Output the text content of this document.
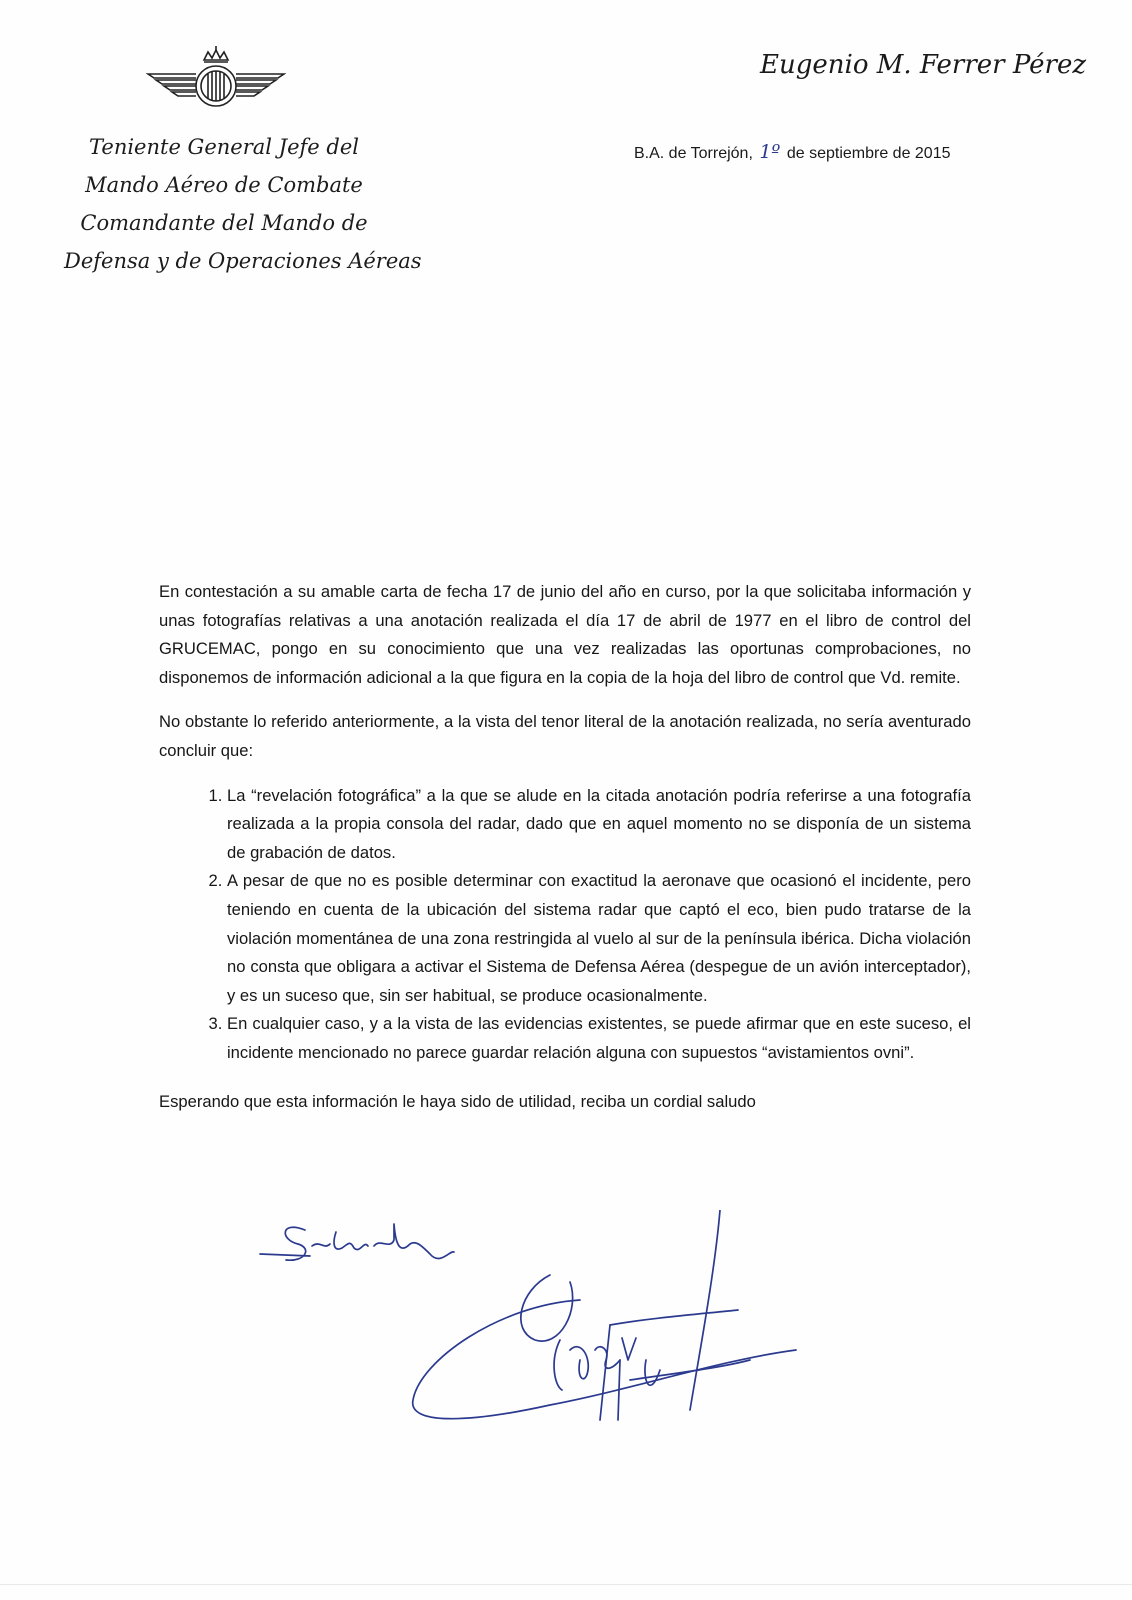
Teniente General Jefe del
Mando Aéreo de Combate
Comandante del Mando de
Defensa y de Operaciones Aéreas
Eugenio M. Ferrer Pérez
B.A. de Torrejón, 1º de septiembre de 2015

En contestación a su amable carta de fecha 17 de junio del año en curso, por la que solicitaba información y unas fotografías relativas a una anotación realizada el día 17 de abril de 1977 en el libro de control del GRUCEMAC, pongo en su conocimiento que una vez realizadas las oportunas comprobaciones, no disponemos de información adicional a la que figura en la copia de la hoja del libro de control que Vd. remite.

No obstante lo referido anteriormente, a la vista del tenor literal de la anotación realizada, no sería aventurado concluir que:

1. La “revelación fotográfica” a la que se alude en la citada anotación podría referirse a una fotografía realizada a la propia consola del radar, dado que en aquel momento no se disponía de un sistema de grabación de datos.
2. A pesar de que no es posible determinar con exactitud la aeronave que ocasionó el incidente, pero teniendo en cuenta de la ubicación del sistema radar que captó el eco, bien pudo tratarse de la violación momentánea de una zona restringida al vuelo al sur de la península ibérica. Dicha violación no consta que obligara a activar el Sistema de Defensa Aérea (despegue de un avión interceptador), y es un suceso que, sin ser habitual, se produce ocasionalmente.
3. En cualquier caso, y a la vista de las evidencias existentes, se puede afirmar que en este suceso, el incidente mencionado no parece guardar relación alguna con supuestos “avistamientos ovni”.

Esperando que esta información le haya sido de utilidad, reciba un cordial saludo
